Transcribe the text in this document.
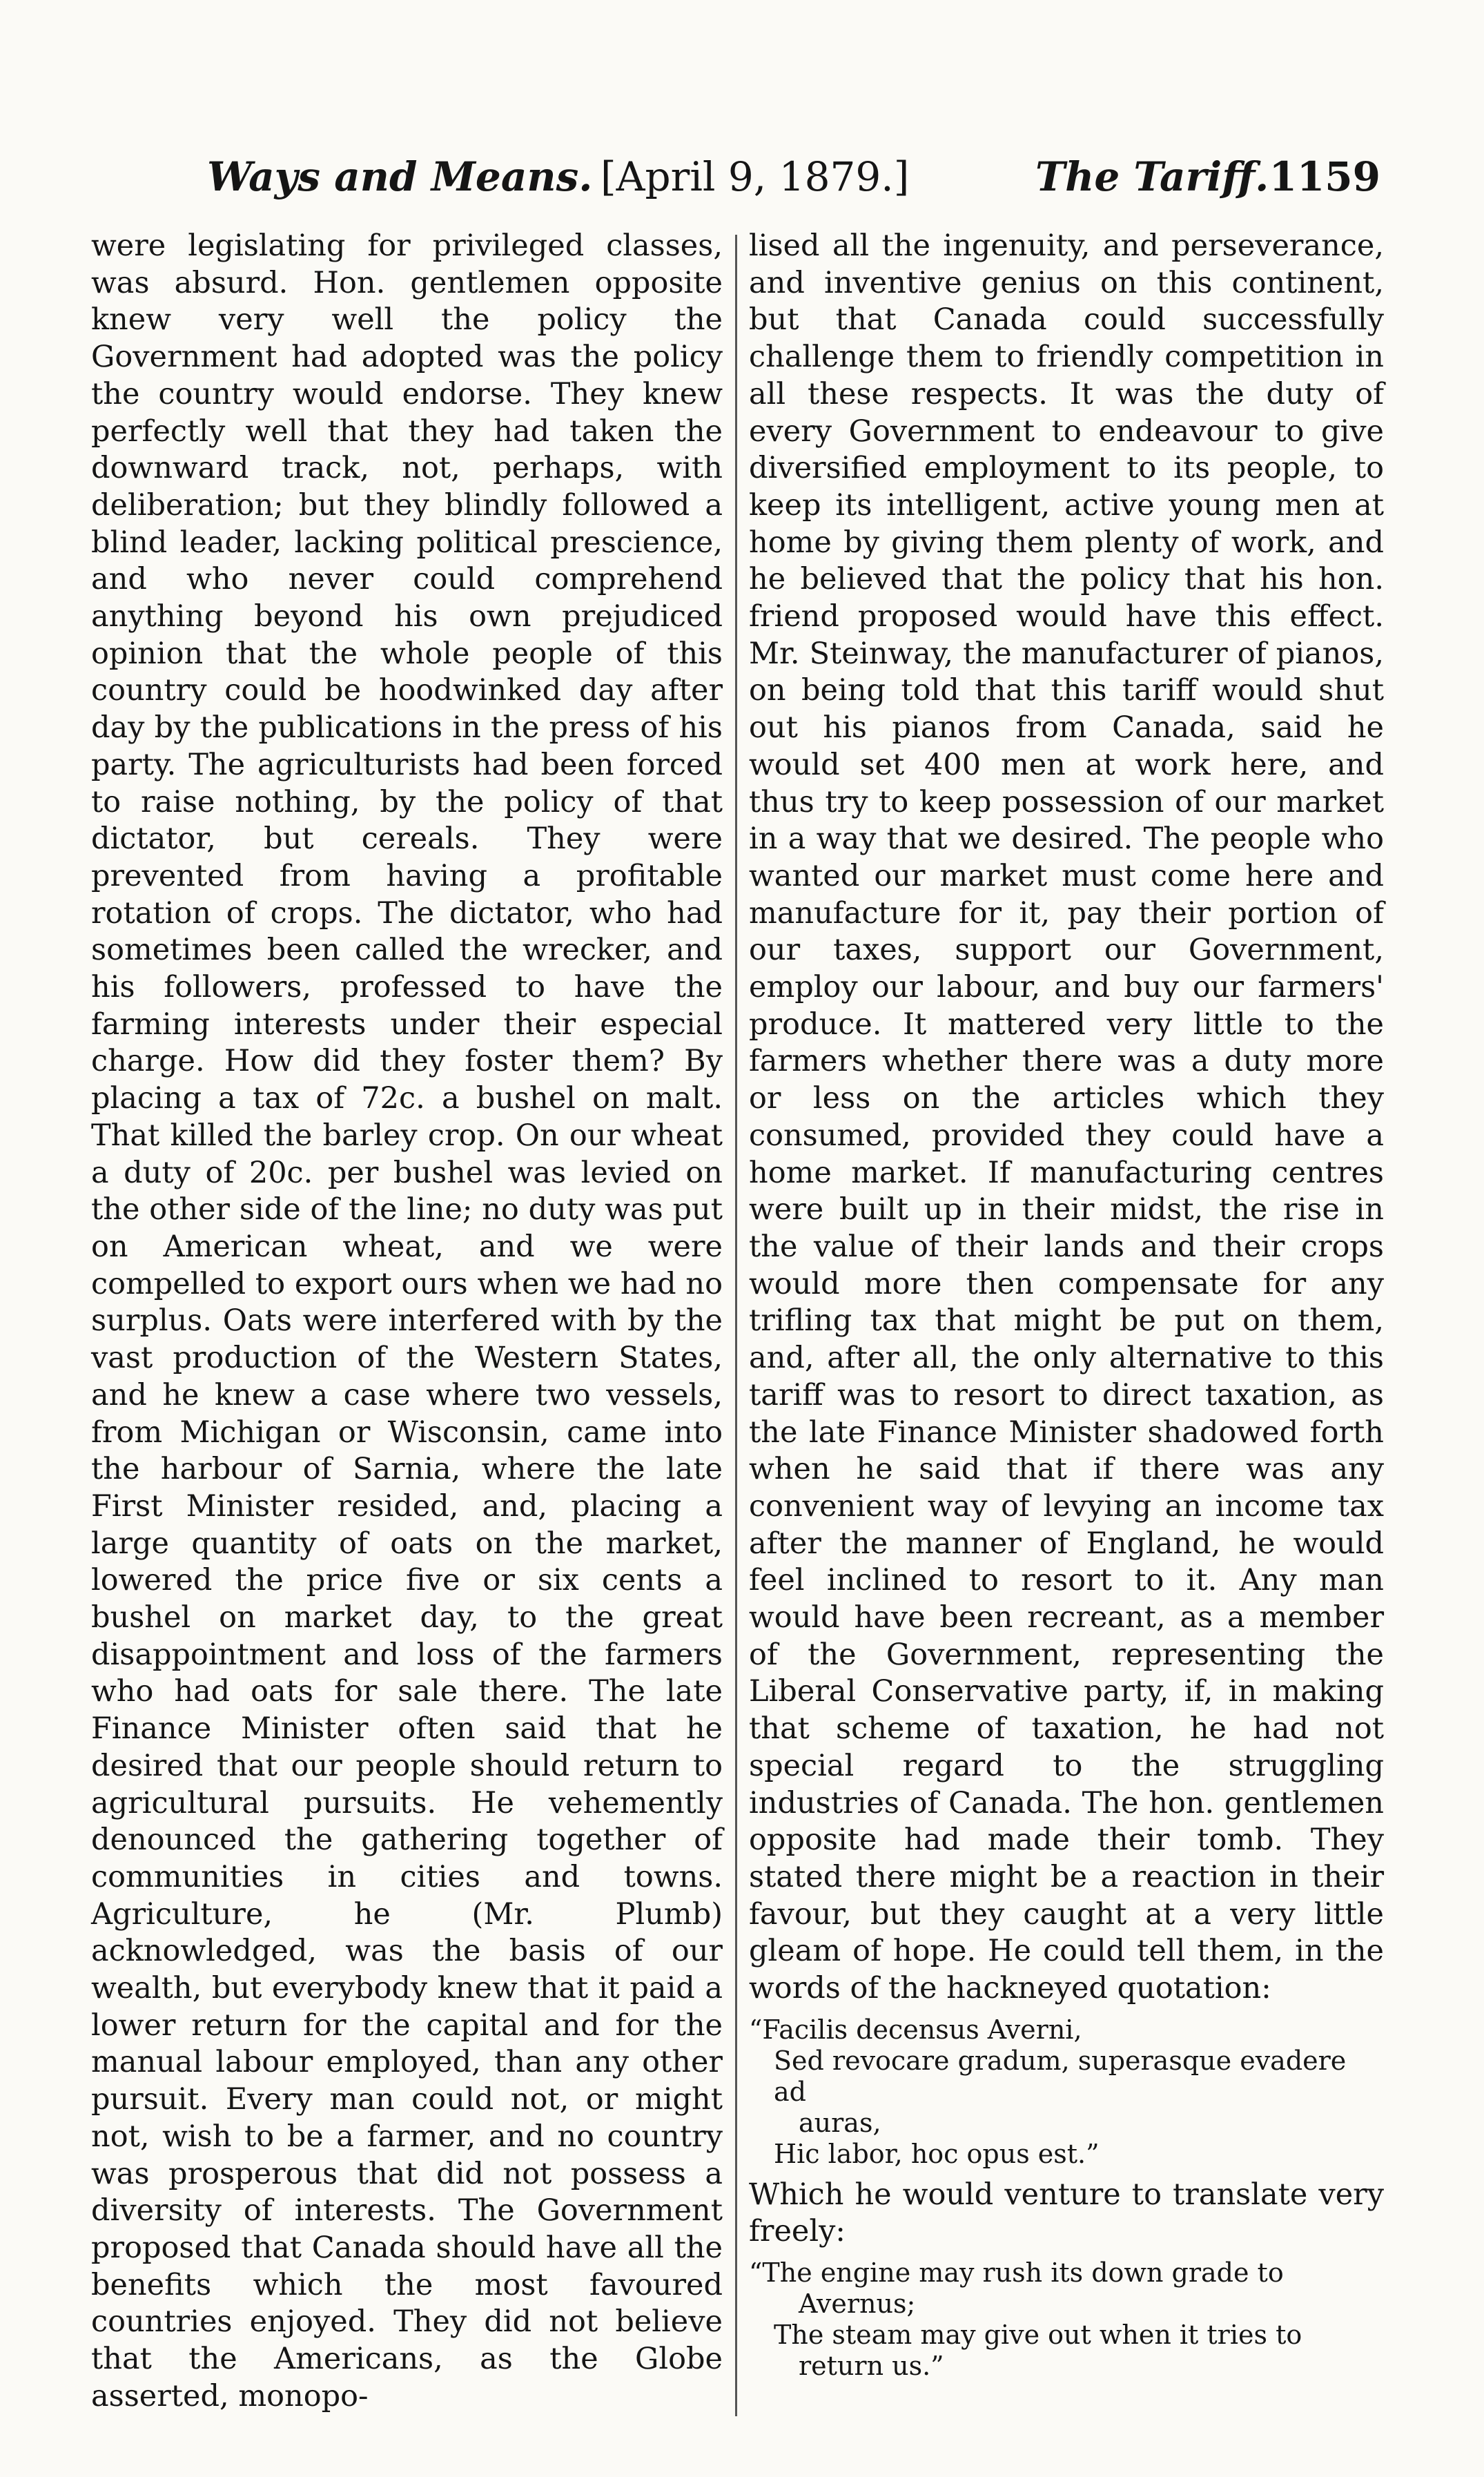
Ways and Means. [April 9, 1879.]	The Tariff. 1159

were legislating for privileged classes, was absurd. Hon. gentlemen opposite knew very well the policy the Government had adopted was the policy the country would endorse. They knew perfectly well that they had taken the downward track, not, perhaps, with deliberation; but they blindly followed a blind leader, lacking political prescience, and who never could comprehend anything beyond his own prejudiced opinion that the whole people of this country could be hoodwinked day after day by the publications in the press of his party. The agriculturists had been forced to raise nothing, by the policy of that dictator, but cereals. They were prevented from having a profitable rotation of crops. The dictator, who had sometimes been called the wrecker, and his followers, professed to have the farming interests under their especial charge. How did they foster them? By placing a tax of 72c. a bushel on malt. That killed the barley crop. On our wheat a duty of 20c. per bushel was levied on the other side of the line; no duty was put on American wheat, and we were compelled to export ours when we had no surplus. Oats were interfered with by the vast production of the Western States, and he knew a case where two vessels, from Michigan or Wisconsin, came into the harbour of Sarnia, where the late First Minister resided, and, placing a large quantity of oats on the market, lowered the price five or six cents a bushel on market day, to the great disappointment and loss of the farmers who had oats for sale there. The late Finance Minister often said that he desired that our people should return to agricultural pursuits. He vehemently denounced the gathering together of communities in cities and towns. Agriculture, he (Mr. Plumb) acknowledged, was the basis of our wealth, but everybody knew that it paid a lower return for the capital and for the manual labour employed, than any other pursuit. Every man could not, or might not, wish to be a farmer, and no country was prosperous that did not possess a diversity of interests. The Government proposed that Canada should have all the benefits which the most favoured countries enjoyed. They did not believe that the Americans, as the Globe asserted, monopo-

lised all the ingenuity, and perseverance, and inventive genius on this continent, but that Canada could successfully challenge them to friendly competition in all these respects. It was the duty of every Government to endeavour to give diversified employment to its people, to keep its intelligent, active young men at home by giving them plenty of work, and he believed that the policy that his hon. friend proposed would have this effect. Mr. Steinway, the manufacturer of pianos, on being told that this tariff would shut out his pianos from Canada, said he would set 400 men at work here, and thus try to keep possession of our market in a way that we desired. The people who wanted our market must come here and manufacture for it, pay their portion of our taxes, support our Government, employ our labour, and buy our farmers' produce. It mattered very little to the farmers whether there was a duty more or less on the articles which they consumed, provided they could have a home market. If manufacturing centres were built up in their midst, the rise in the value of their lands and their crops would more then compensate for any trifling tax that might be put on them, and, after all, the only alternative to this tariff was to resort to direct taxation, as the late Finance Minister shadowed forth when he said that if there was any convenient way of levying an income tax after the manner of England, he would feel inclined to resort to it. Any man would have been recreant, as a member of the Government, representing the Liberal Conservative party, if, in making that scheme of taxation, he had not special regard to the struggling industries of Canada. The hon. gentlemen opposite had made their tomb. They stated there might be a reaction in their favour, but they caught at a very little gleam of hope. He could tell them, in the words of the hackneyed quotation:

“Facilis decensus Averni,
Sed revocare gradum, superasque evadere ad
auras,
Hic labor, hoc opus est.”

Which he would venture to translate very freely:

“The engine may rush its down grade to
Avernus;
The steam may give out when it tries to
return us.”
